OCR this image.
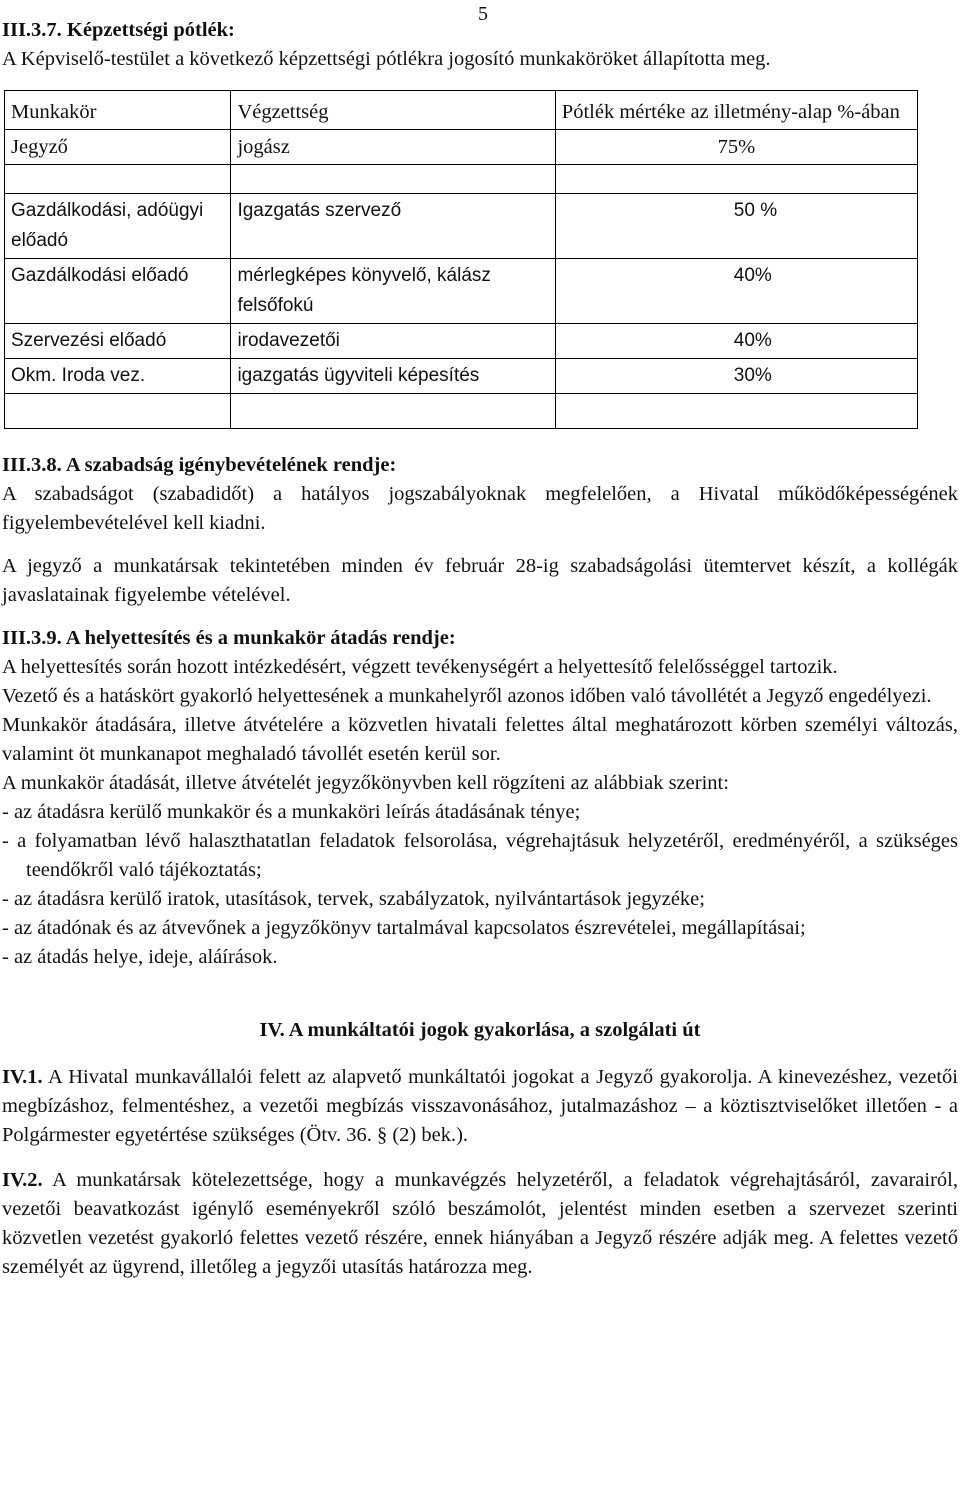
5
III.3.7. Képzettségi pótlék:

A Képviselő-testület a következő képzettségi pótlékra jogosító munkaköröket állapította meg.

Munkakör	Végzettség	Pótlék mértéke az illetmény-alap %-ában
Jegyző	jogász	75%

Gazdálkodási, adóügyi előadó	Igazgatás szervező	50 %
Gazdálkodási előadó	mérlegképes könyvelő, kálász felsőfokú	40%
Szervezési előadó	irodavezetői	40%
Okm. Iroda vez.	igazgatás ügyviteli képesítés	30%

III.3.8. A szabadság igénybevételének rendje:

A szabadságot (szabadidőt) a hatályos jogszabályoknak megfelelően, a Hivatal működőképességének figyelembevételével kell kiadni.

A jegyző a munkatársak tekintetében minden év február 28-ig szabadságolási ütemtervet készít, a kollégák javaslatainak figyelembe vételével.

III.3.9. A helyettesítés és a munkakör átadás rendje:

A helyettesítés során hozott intézkedésért, végzett tevékenységért a helyettesítő felelősséggel tartozik.

Vezető és a hatáskört gyakorló helyettesének a munkahelyről azonos időben való távollétét a Jegyző engedélyezi.

Munkakör átadására, illetve átvételére a közvetlen hivatali felettes által meghatározott körben személyi változás, valamint öt munkanapot meghaladó távollét esetén kerül sor.

A munkakör átadását, illetve átvételét jegyzőkönyvben kell rögzíteni az alábbiak szerint:

- az átadásra kerülő munkakör és a munkaköri leírás átadásának ténye;

- a folyamatban lévő halaszthatatlan feladatok felsorolása, végrehajtásuk helyzetéről, eredményéről, a szükséges teendőkről való tájékoztatás;

- az átadásra kerülő iratok, utasítások, tervek, szabályzatok, nyilvántartások jegyzéke;

- az átadónak és az átvevőnek a jegyzőkönyv tartalmával kapcsolatos észrevételei, megállapításai;

- az átadás helye, ideje, aláírások.

IV. A munkáltatói jogok gyakorlása, a szolgálati út

IV.1. A Hivatal munkavállalói felett az alapvető munkáltatói jogokat a Jegyző gyakorolja. A kinevezéshez, vezetői megbízáshoz, felmentéshez, a vezetői megbízás visszavonásához, jutalmazáshoz – a köztisztviselőket illetően - a Polgármester egyetértése szükséges (Ötv. 36. § (2) bek.).

IV.2. A munkatársak kötelezettsége, hogy a munkavégzés helyzetéről, a feladatok végrehajtásáról, zavarairól, vezetői beavatkozást igénylő eseményekről szóló beszámolót, jelentést minden esetben a szervezet szerinti közvetlen vezetést gyakorló felettes vezető részére, ennek hiányában a Jegyző részére adják meg. A felettes vezető személyét az ügyrend, illetőleg a jegyzői utasítás határozza meg.
